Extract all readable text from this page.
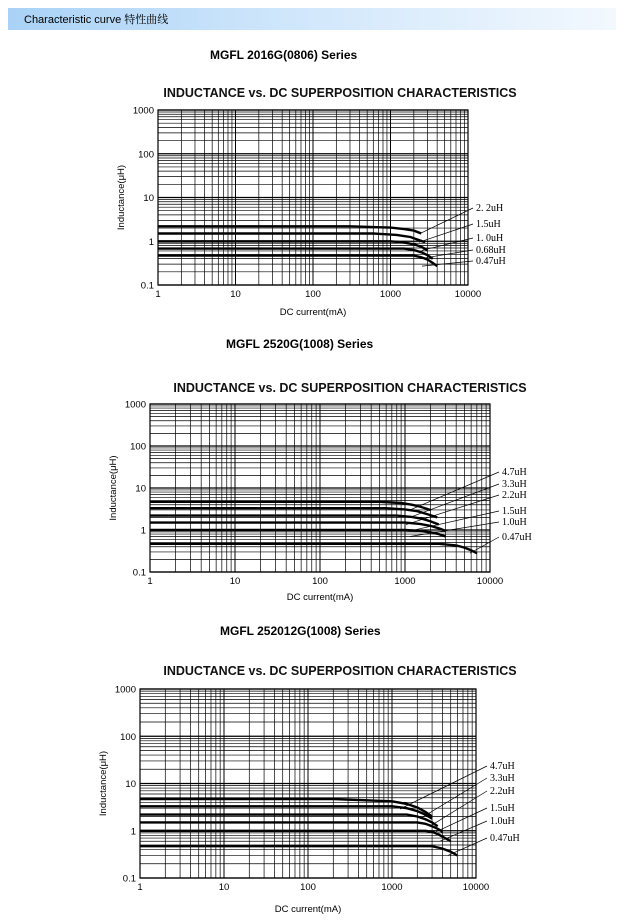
Characteristic curve 特性曲线
MGFL 2016G(0806) Series
INDUCTANCE vs. DC SUPERPOSITION CHARACTERISTICS
1	10	100	1000	10000
1000
100
10
1
0.1
DC current(mA)
Inductance(μH)	2. 2uH
1.5uH
1. 0uH
0.68uH
0.47uH
MGFL 2520G(1008) Series
INDUCTANCE vs. DC SUPERPOSITION CHARACTERISTICS
1	10	100	1000	10000
1000
100
10
1
0.1
DC current(mA)
Inductance(μH)	4.7uH
3.3uH
2.2uH
1.5uH
1.0uH
0.47uH
MGFL 252012G(1008) Series
INDUCTANCE vs. DC SUPERPOSITION CHARACTERISTICS
1	10	100	1000	10000
1000
100
10
1
0.1
DC current(mA)
Inductance(μH)	4.7uH
3.3uH
2.2uH
1.5uH
1.0uH
0.47uH
